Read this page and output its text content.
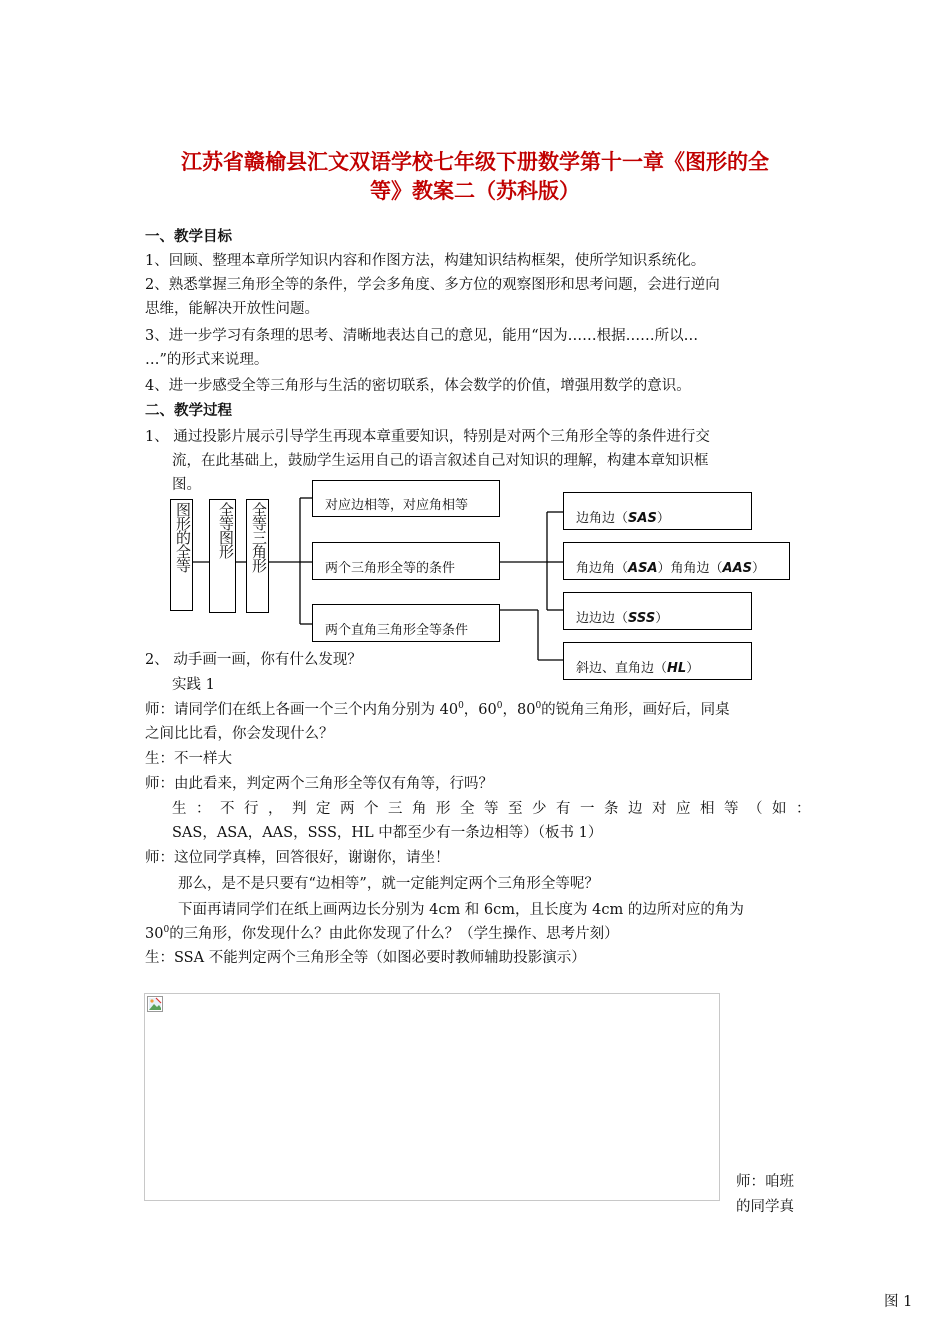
江苏省赣榆县汇文双语学校七年级下册数学第十一章《图形的全
等》教案二（苏科版）
一、教学目标
1、回顾、整理本章所学知识内容和作图方法，构建知识结构框架，使所学知识系统化。
2、熟悉掌握三角形全等的条件，学会多角度、多方位的观察图形和思考问题，会进行逆向
思维，能解决开放性问题。
3、进一步学习有条理的思考、清晰地表达自己的意见，能用“因为……根据……所以…
…”的形式来说理。
4、进一步感受全等三角形与生活的密切联系，体会数学的价值，增强用数学的意识。
二、教学过程
1、 通过投影片展示引导学生再现本章重要知识，特别是对两个三角形全等的条件进行交
流，在此基础上，鼓励学生运用自己的语言叙述自己对知识的理解，构建本章知识框
图。
图形的全等	全等图形 全等三角形	对应边相等，对应角相等
两个三角形全等的条件
两个直角三角形全等条件
边角边（SAS）
角边角（ASA）角角边（AAS）
边边边（SSS）
斜边、直角边（HL）
2、 动手画一画，你有什么发现？
实践 1
师：请同学们在纸上各画一个三个内角分别为 $40^0$，$60^0$，$80^0$的锐角三角形，画好后，同桌
之间比比看，你会发现什么？
生：不一样大
师：由此看来，判定两个三角形全等仅有角等，行吗？
生：不行，判定两个三角形全等至少有一条边对应相等（如：
SAS，ASA，AAS，SSS，HL 中都至少有一条边相等）（板书 1）
师：这位同学真棒，回答很好，谢谢你，请坐！
那么，是不是只要有“边相等”，就一定能判定两个三角形全等呢？
下面再请同学们在纸上画两边长分别为 4cm 和 6cm，且长度为 4cm 的边所对应的角为
$30^0$的三角形，你发现什么？由此你发现了什么？（学生操作、思考片刻）
生：SSA 不能判定两个三角形全等（如图必要时教师辅助投影演示）
师：咱班
的同学真
图 1
